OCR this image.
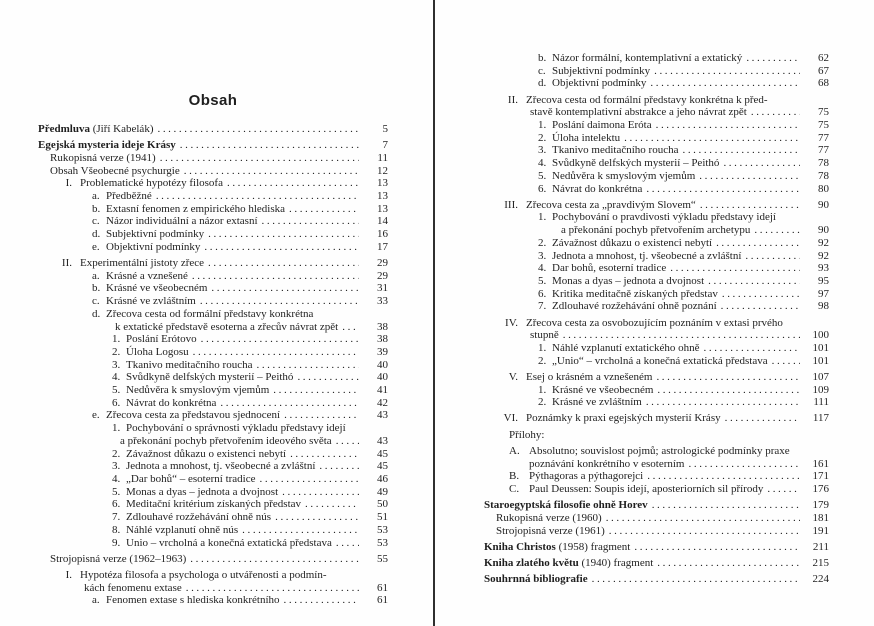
Obsah
Předmluva (Jiří Kabelák) .....	5
Egejská mysteria ideje Krásy .....	7
Rukopisná verze (1941) .....	11
Obsah Všeobecné psychurgie .....	12
I. Problematické hypotézy filosofa .....	13
a. Předběžné .....	13
b. Extasní fenomen z empirického hlediska .....	13
c. Názor individuální a názor extasní .....	14
d. Subjektivní podmínky .....	16
e. Objektivní podmínky .....	17
II. Experimentální jistoty zřece .....	29
a. Krásné a vznešené .....	29
b. Krásné ve všeobecném .....	31
c. Krásné ve zvláštním .....	33
d. Zřecova cesta od formální představy konkrétna
k extatické představě esoterna a zřecův návrat zpět .....	38
1. Poslání Erótovo .....	38
2. Úloha Logosu .....	39
3. Tkanivo meditačního roucha .....	40
4. Svůdkyně delfských mysterií – Peithó .....	40
5. Nedůvěra k smyslovým vjemům .....	41
6. Návrat do konkrétna .....	42
e. Zřecova cesta za představou sjednocení .....	43
1. Pochybování o správnosti výkladu představy idejí
a překonání pochyb přetvořením ideového světa .....	43
2. Závažnost důkazu o existenci nebytí .....	45
3. Jednota a mnohost, tj. všeobecné a zvláštní .....	45
4. „Dar bohů“ – esoterní tradice .....	46
5. Monas a dyas – jednota a dvojnost .....	49
6. Meditační kritérium získaných představ .....	50
7. Zdlouhavé rozžehávání ohně nús .....	51
8. Náhlé vzplanutí ohně nús .....	53
9. Unio – vrcholná a konečná extatická představa .....	53
Strojopisná verze (1962–1963) .....	55
I. Hypotéza filosofa a psychologa o utvářenosti a podmín-
kách fenomenu extase .....	61
a. Fenomen extase s hlediska konkrétního .....	61
b. Názor formální, kontemplativní a extatický .....	62
c. Subjektivní podmínky .....	67
d. Objektivní podmínky .....	68
II. Zřecova cesta od formální představy konkrétna k před-
stavě kontemplativní abstrakce a jeho návrat zpět .....	75
1. Poslání daimona Eróta .....	75
2. Úloha intelektu .....	77
3. Tkanivo meditačního roucha .....	77
4. Svůdkyně delfských mysterií – Peithó .....	78
5. Nedůvěra k smyslovým vjemům .....	78
6. Návrat do konkrétna .....	80
III. Zřecova cesta za „pravdivým Slovem“ .....	90
1. Pochybování o pravdivosti výkladu představy idejí
a překonání pochyb přetvořením archetypu .....	90
2. Závažnost důkazu o existenci nebytí .....	92
3. Jednota a mnohost, tj. všeobecné a zvláštní .....	92
4. Dar bohů, esoterní tradice .....	93
5. Monas a dyas – jednota a dvojnost .....	95
6. Kritika meditačně získaných představ .....	97
7. Zdlouhavé rozžehávání ohně poznání .....	98
IV. Zřecova cesta za osvobozujícím poznáním v extasi prvého
stupně .....	100
1. Náhlé vzplanutí extatického ohně .....	101
2. „Unio“ – vrcholná a konečná extatická představa .....	101
V. Esej o krásném a vznešeném .....	107
1. Krásné ve všeobecném .....	109
2. Krásné ve zvláštním .....	111
VI. Poznámky k praxi egejských mysterií Krásy .....	117
Přílohy:
A. Absolutno; souvislost pojmů; astrologické podmínky praxe
poznávání konkrétního v esoterním .....	161
B. Pýthagoras a pýthagorejci .....	171
C. Paul Deussen: Soupis idejí, aposteriorních sil přírody .....	176
Staroegyptská filosofie ohně Horev .....	179
Rukopisná verze (1960) .....	181
Strojopisná verze (1961) .....	191
Kniha Christos (1958) fragment .....	211
Kniha zlatého květu (1940) fragment .....	215
Souhrnná bibliografie .....	224
